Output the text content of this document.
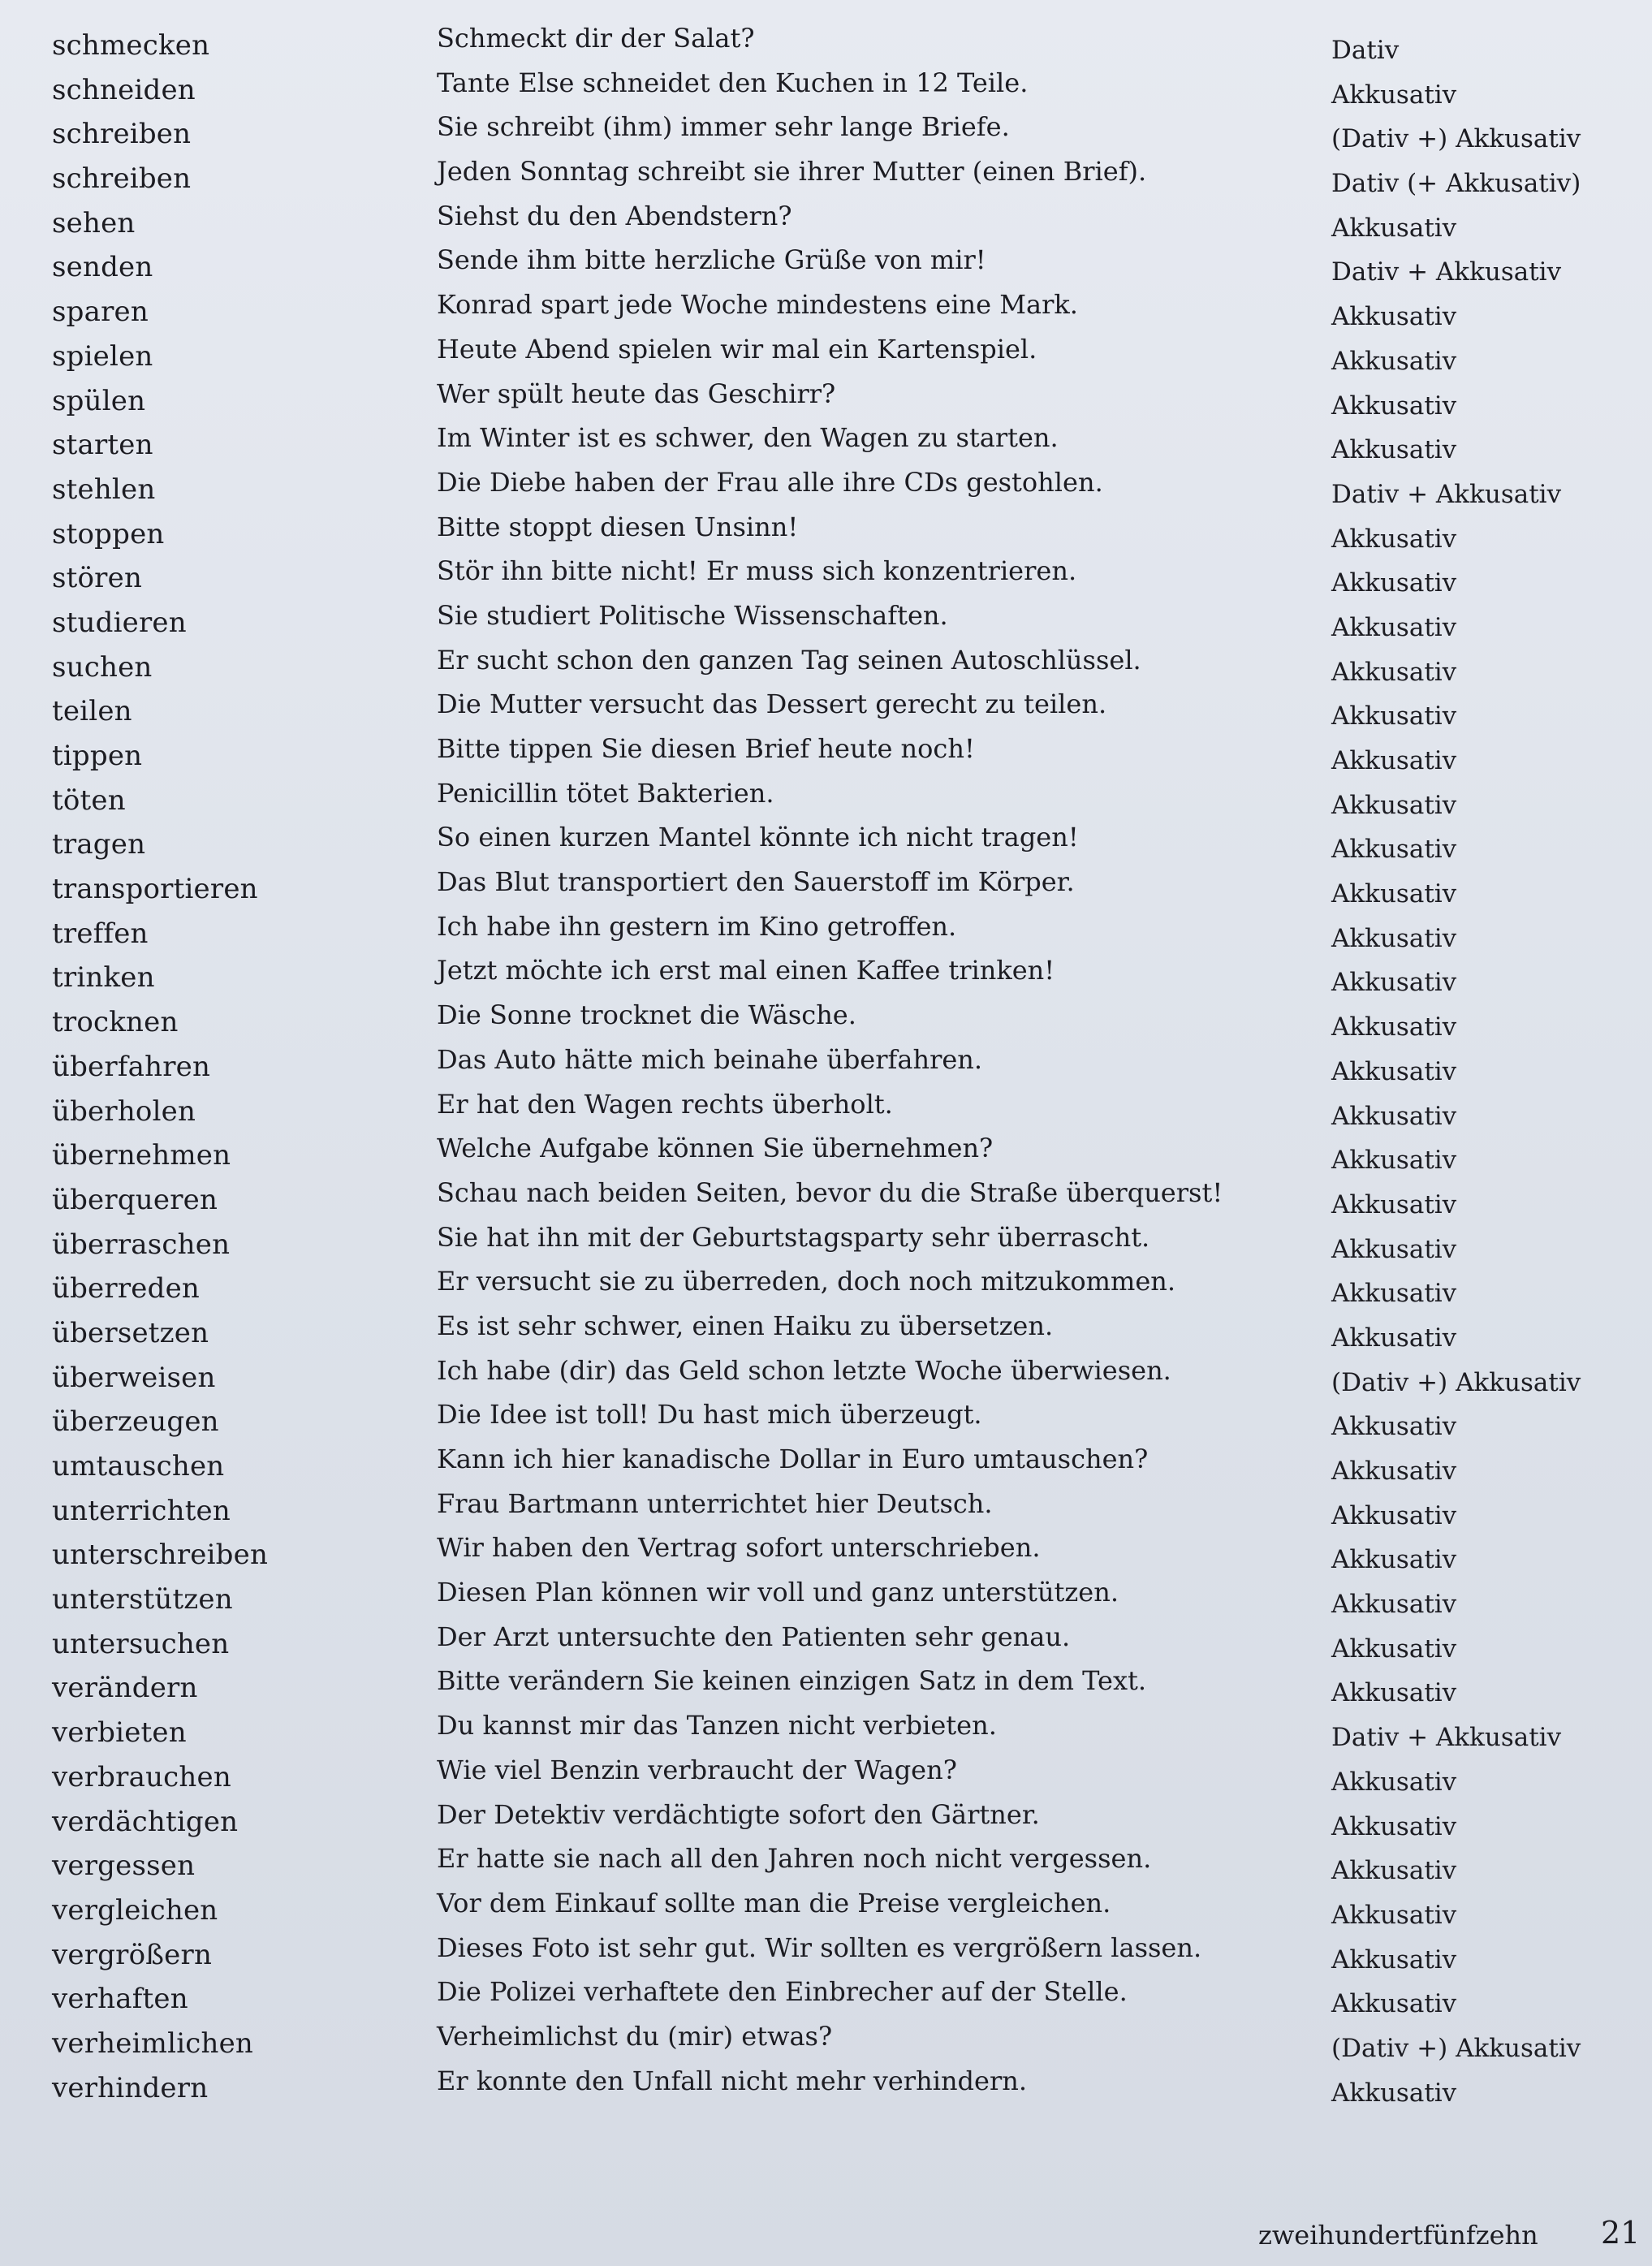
schmecken	Schmeckt dir der Salat?	Dativ
schneiden	Tante Else schneidet den Kuchen in 12 Teile.	Akkusativ
schreiben	Sie schreibt (ihm) immer sehr lange Briefe.	(Dativ +) Akkusativ
schreiben	Jeden Sonntag schreibt sie ihrer Mutter (einen Brief).	Dativ (+ Akkusativ)
sehen	Siehst du den Abendstern?	Akkusativ
senden	Sende ihm bitte herzliche Grüße von mir!	Dativ + Akkusativ
sparen	Konrad spart jede Woche mindestens eine Mark.	Akkusativ
spielen	Heute Abend spielen wir mal ein Kartenspiel.	Akkusativ
spülen	Wer spült heute das Geschirr?	Akkusativ
starten	Im Winter ist es schwer, den Wagen zu starten.	Akkusativ
stehlen	Die Diebe haben der Frau alle ihre CDs gestohlen.	Dativ + Akkusativ
stoppen	Bitte stoppt diesen Unsinn!	Akkusativ
stören	Stör ihn bitte nicht! Er muss sich konzentrieren.	Akkusativ
studieren	Sie studiert Politische Wissenschaften.	Akkusativ
suchen	Er sucht schon den ganzen Tag seinen Autoschlüssel.	Akkusativ
teilen	Die Mutter versucht das Dessert gerecht zu teilen.	Akkusativ
tippen	Bitte tippen Sie diesen Brief heute noch!	Akkusativ
töten	Penicillin tötet Bakterien.	Akkusativ
tragen	So einen kurzen Mantel könnte ich nicht tragen!	Akkusativ
transportieren	Das Blut transportiert den Sauerstoff im Körper.	Akkusativ
treffen	Ich habe ihn gestern im Kino getroffen.	Akkusativ
trinken	Jetzt möchte ich erst mal einen Kaffee trinken!	Akkusativ
trocknen	Die Sonne trocknet die Wäsche.	Akkusativ
überfahren	Das Auto hätte mich beinahe überfahren.	Akkusativ
überholen	Er hat den Wagen rechts überholt.	Akkusativ
übernehmen	Welche Aufgabe können Sie übernehmen?	Akkusativ
überqueren	Schau nach beiden Seiten, bevor du die Straße überquerst!	Akkusativ
überraschen	Sie hat ihn mit der Geburtstagsparty sehr überrascht.	Akkusativ
überreden	Er versucht sie zu überreden, doch noch mitzukommen.	Akkusativ
übersetzen	Es ist sehr schwer, einen Haiku zu übersetzen.	Akkusativ
überweisen	Ich habe (dir) das Geld schon letzte Woche überwiesen.	(Dativ +) Akkusativ
überzeugen	Die Idee ist toll! Du hast mich überzeugt.	Akkusativ
umtauschen	Kann ich hier kanadische Dollar in Euro umtauschen?	Akkusativ
unterrichten	Frau Bartmann unterrichtet hier Deutsch.	Akkusativ
unterschreiben	Wir haben den Vertrag sofort unterschrieben.	Akkusativ
unterstützen	Diesen Plan können wir voll und ganz unterstützen.	Akkusativ
untersuchen	Der Arzt untersuchte den Patienten sehr genau.	Akkusativ
verändern	Bitte verändern Sie keinen einzigen Satz in dem Text.	Akkusativ
verbieten	Du kannst mir das Tanzen nicht verbieten.	Dativ + Akkusativ
verbrauchen	Wie viel Benzin verbraucht der Wagen?	Akkusativ
verdächtigen	Der Detektiv verdächtigte sofort den Gärtner.	Akkusativ
vergessen	Er hatte sie nach all den Jahren noch nicht vergessen.	Akkusativ
vergleichen	Vor dem Einkauf sollte man die Preise vergleichen.	Akkusativ
vergrößern	Dieses Foto ist sehr gut. Wir sollten es vergrößern lassen.	Akkusativ
verhaften	Die Polizei verhaftete den Einbrecher auf der Stelle.	Akkusativ
verheimlichen	Verheimlichst du (mir) etwas?	(Dativ +) Akkusativ
verhindern	Er konnte den Unfall nicht mehr verhindern.	Akkusativ
zweihundertfünfzehn 21
